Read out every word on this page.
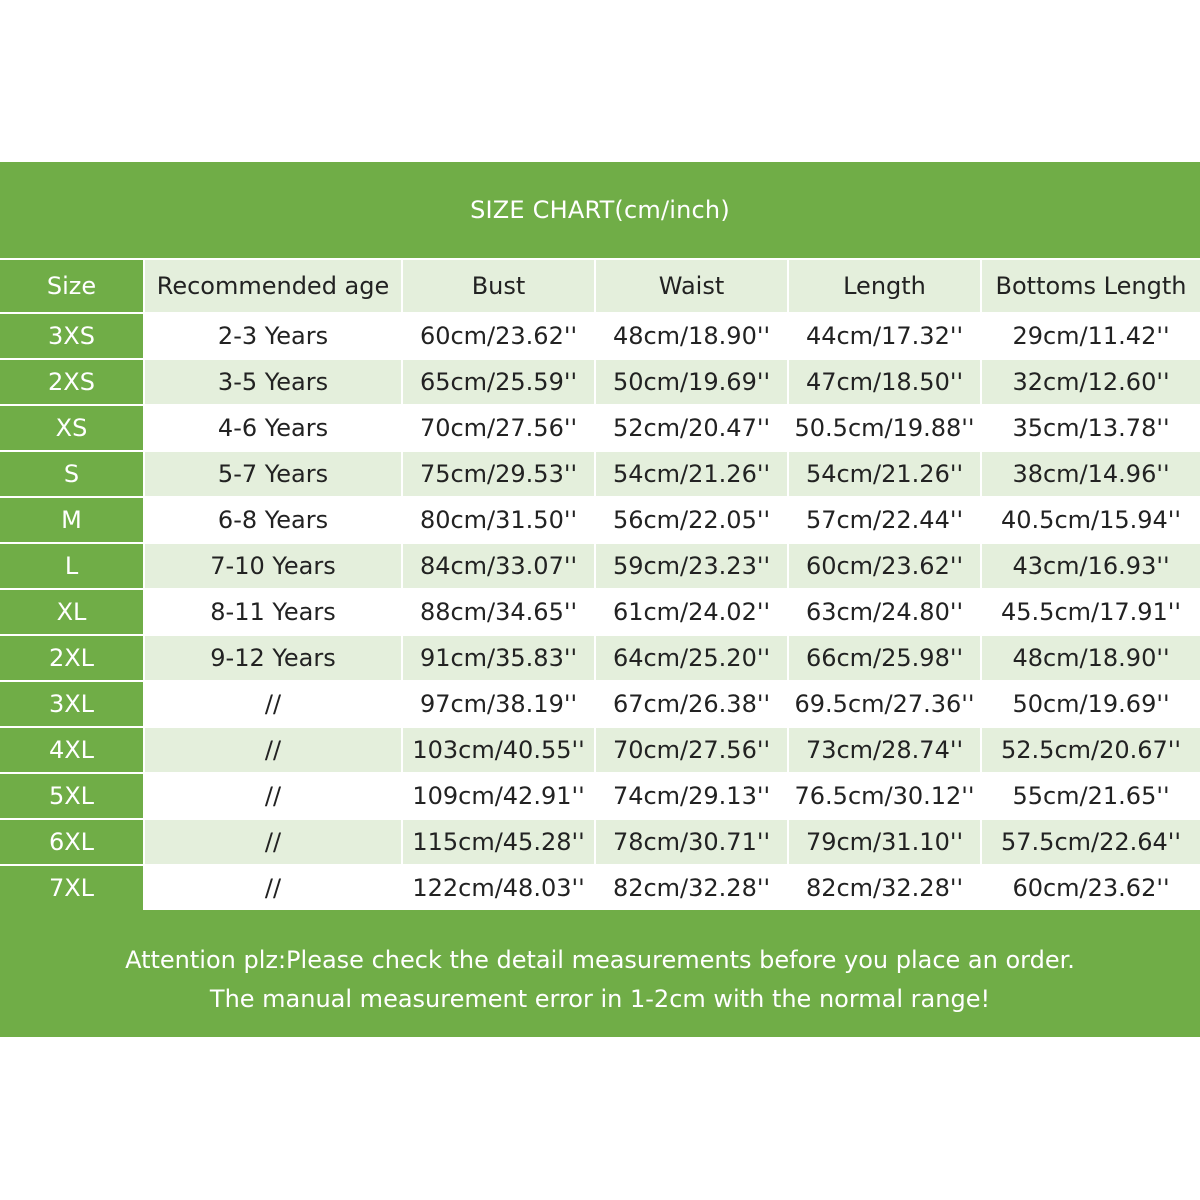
SIZE CHART(cm/inch)
Size	Recommended age	Bust	Waist	Length	Bottoms Length
3XS	2-3 Years	60cm/23.62''	48cm/18.90''	44cm/17.32''	29cm/11.42''
2XS	3-5 Years	65cm/25.59''	50cm/19.69''	47cm/18.50''	32cm/12.60''
XS	4-6 Years	70cm/27.56''	52cm/20.47''	50.5cm/19.88''	35cm/13.78''
S	5-7 Years	75cm/29.53''	54cm/21.26''	54cm/21.26''	38cm/14.96''
M	6-8 Years	80cm/31.50''	56cm/22.05''	57cm/22.44''	40.5cm/15.94''
L	7-10 Years	84cm/33.07''	59cm/23.23''	60cm/23.62''	43cm/16.93''
XL	8-11 Years	88cm/34.65''	61cm/24.02''	63cm/24.80''	45.5cm/17.91''
2XL	9-12 Years	91cm/35.83''	64cm/25.20''	66cm/25.98''	48cm/18.90''
3XL	//	97cm/38.19''	67cm/26.38''	69.5cm/27.36''	50cm/19.69''
4XL	//	103cm/40.55''	70cm/27.56''	73cm/28.74''	52.5cm/20.67''
5XL	//	109cm/42.91''	74cm/29.13''	76.5cm/30.12''	55cm/21.65''
6XL	//	115cm/45.28''	78cm/30.71''	79cm/31.10''	57.5cm/22.64''
7XL	//	122cm/48.03''	82cm/32.28''	82cm/32.28''	60cm/23.62''
Attention plz:Please check the detail measurements before you place an order.
The manual measurement error in 1-2cm with the normal range!
